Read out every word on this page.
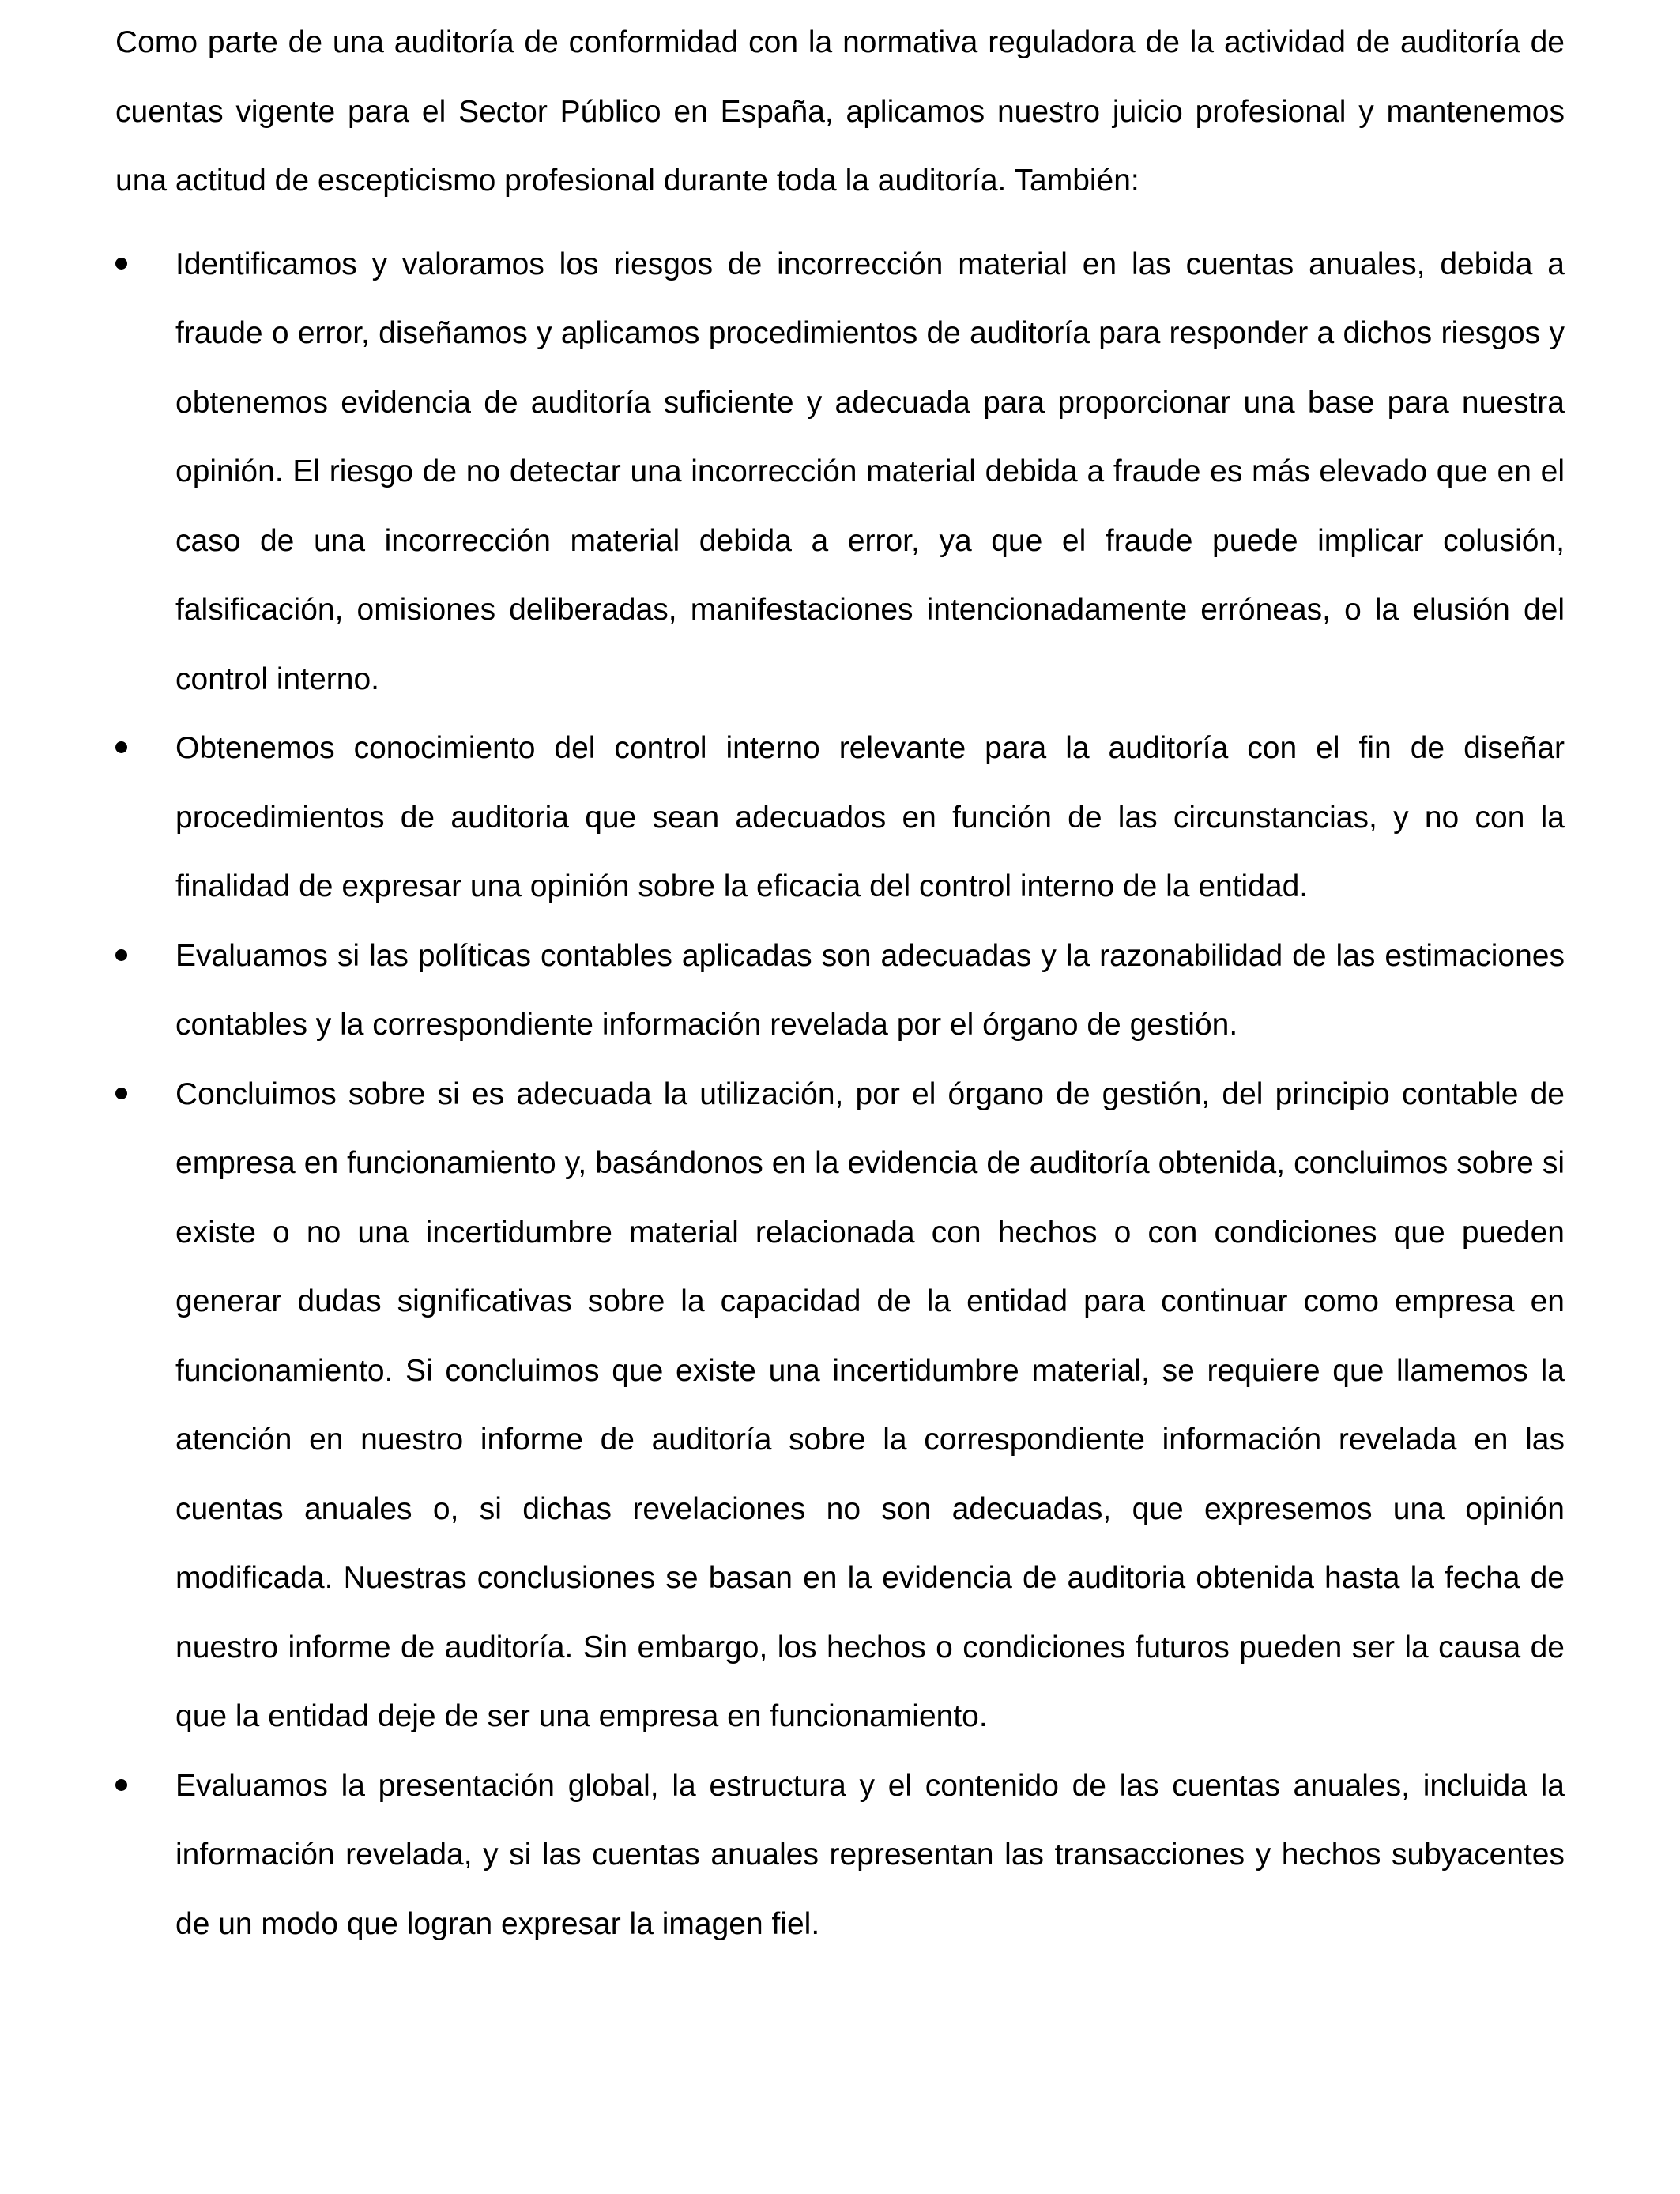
Como parte de una auditoría de conformidad con la normativa reguladora de la actividad de auditoría de cuentas vigente para el Sector Público en España, aplicamos nuestro juicio profesional y mantenemos una actitud de escepticismo profesional durante toda la auditoría. También:

Identificamos y valoramos los riesgos de incorrección material en las cuentas anuales, debida a fraude o error, diseñamos y aplicamos procedimientos de auditoría para responder a dichos riesgos y obtenemos evidencia de auditoría suficiente y adecuada para proporcionar una base para nuestra opinión. El riesgo de no detectar una incorrección material debida a fraude es más elevado que en el caso de una incorrección material debida a error, ya que el fraude puede implicar colusión, falsificación, omisiones deliberadas, manifestaciones intencionadamente erróneas, o la elusión del control interno.
Obtenemos conocimiento del control interno relevante para la auditoría con el fin de diseñar procedimientos de auditoria que sean adecuados en función de las circunstancias, y no con la finalidad de expresar una opinión sobre la eficacia del control interno de la entidad.
Evaluamos si las políticas contables aplicadas son adecuadas y la razonabilidad de las estimaciones contables y la correspondiente información revelada por el órgano de gestión.
Concluimos sobre si es adecuada la utilización, por el órgano de gestión, del principio contable de empresa en funcionamiento y, basándonos en la evidencia de auditoría obtenida, concluimos sobre si existe o no una incertidumbre material relacionada con hechos o con condiciones que pueden generar dudas significativas sobre la capacidad de la entidad para continuar como empresa en funcionamiento. Si concluimos que existe una incertidumbre material, se requiere que llamemos la atención en nuestro informe de auditoría sobre la correspondiente información revelada en las cuentas anuales o, si dichas revelaciones no son adecuadas, que expresemos una opinión modificada. Nuestras conclusiones se basan en la evidencia de auditoria obtenida hasta la fecha de nuestro informe de auditoría. Sin embargo, los hechos o condiciones futuros pueden ser la causa de que la entidad deje de ser una empresa en funcionamiento.
Evaluamos la presentación global, la estructura y el contenido de las cuentas anuales, incluida la información revelada, y si las cuentas anuales representan las transacciones y hechos subyacentes de un modo que logran expresar la imagen fiel.
